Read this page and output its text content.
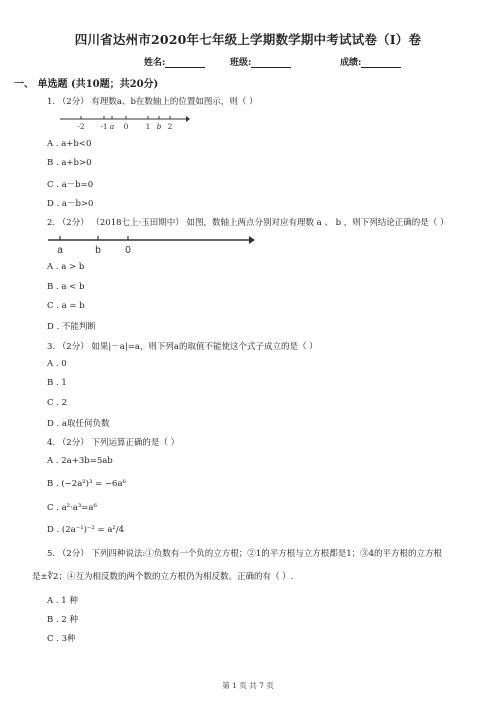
四川省达州市2020年七年级上学期数学期中考试试卷（I）卷
姓名:	班级:	成绩:
一、 单选题 (共10题；共20分)
1. （2分） 有理数a、b在数轴上的位置如图示，则（ ）
-2 -1 a 0 1 b 2
A . a+b<0
B . a+b>0
C . a－b=0
D . a－b>0
2. （2分） （2018七上·玉田期中） 如图，数轴上两点分别对应有理数 a 、 b ，则下列结论正确的是（ ）
a	b 0
A . a > b
B . a < b
C . a = b
D . 不能判断
3. （2分） 如果|－a|=a，则下列a的取值不能使这个式子成立的是（ ）
A . 0
B . 1
C . 2
D . a取任何负数
4. （2分） 下列运算正确的是（ ）
A . 2a+3b=5ab
B . (−2a²)³ = −6a⁶
C . a²·a³=a⁶
D . (2a⁻¹)⁻² = a²/4
5. （2分） 下列四种说法:①负数有一个负的立方根；②1的平方根与立方根都是1；③4的平方根的立方根
是±∜2；④互为相反数的两个数的立方根仍为相反数。正确的有（ ）.
A . 1 种
B . 2 种
C . 3种
第 1 页 共 7 页
